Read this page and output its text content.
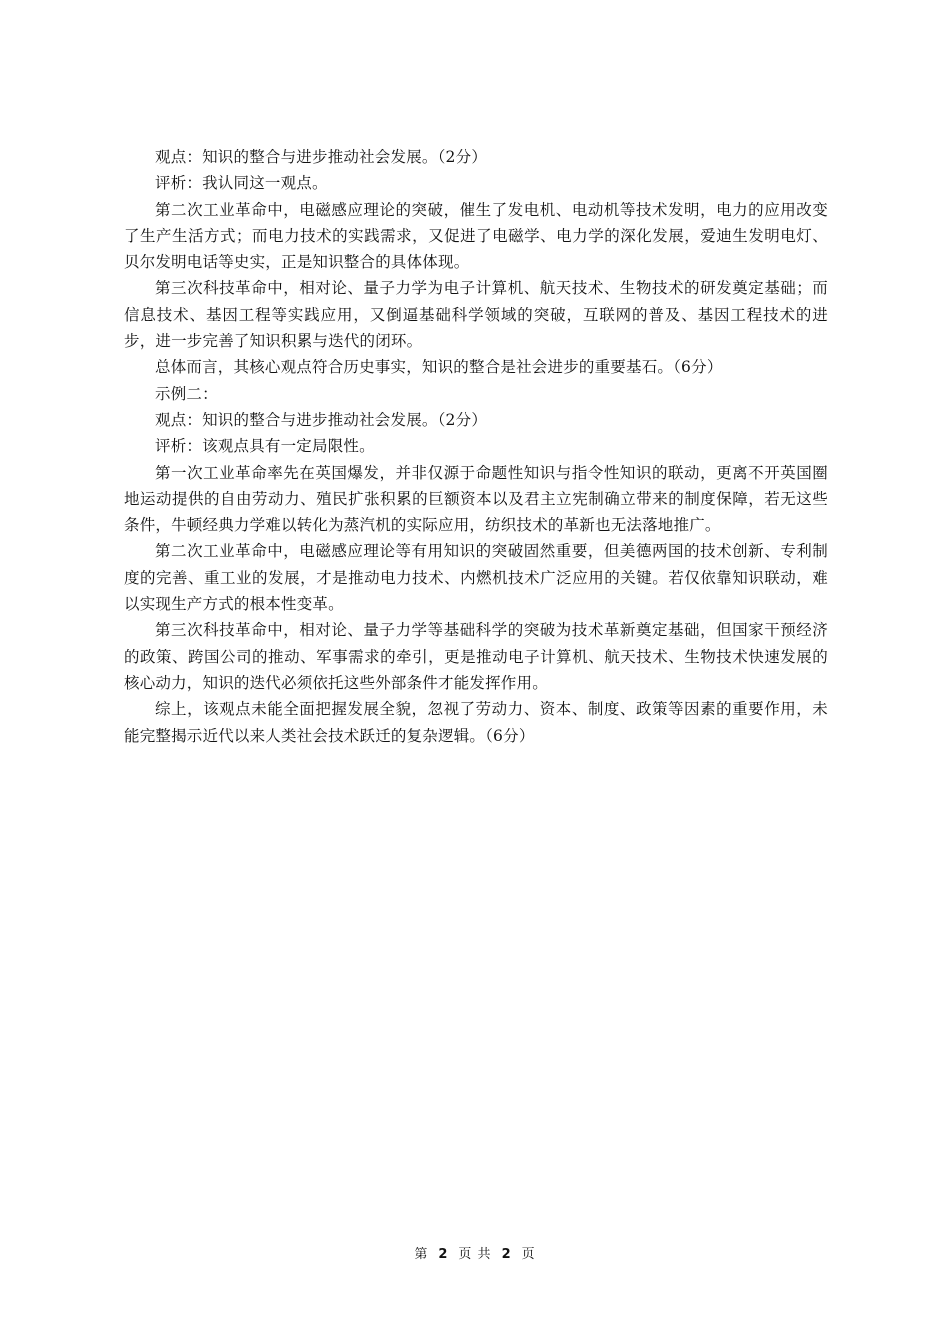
观点：知识的整合与进步推动社会发展。（2分）

评析：我认同这一观点。

第二次工业革命中，电磁感应理论的突破，催生了发电机、电动机等技术发明，电力的应用改变了生产生活方式；而电力技术的实践需求，又促进了电磁学、电力学的深化发展，爱迪生发明电灯、贝尔发明电话等史实，正是知识整合的具体体现。

第三次科技革命中，相对论、量子力学为电子计算机、航天技术、生物技术的研发奠定基础；而信息技术、基因工程等实践应用，又倒逼基础科学领域的突破，互联网的普及、基因工程技术的进步，进一步完善了知识积累与迭代的闭环。

总体而言，其核心观点符合历史事实，知识的整合是社会进步的重要基石。（6分）

示例二：

观点：知识的整合与进步推动社会发展。（2分）

评析：该观点具有一定局限性。

第一次工业革命率先在英国爆发，并非仅源于命题性知识与指令性知识的联动，更离不开英国圈地运动提供的自由劳动力、殖民扩张积累的巨额资本以及君主立宪制确立带来的制度保障，若无这些条件，牛顿经典力学难以转化为蒸汽机的实际应用，纺织技术的革新也无法落地推广。

第二次工业革命中，电磁感应理论等有用知识的突破固然重要，但美德两国的技术创新、专利制度的完善、重工业的发展，才是推动电力技术、内燃机技术广泛应用的关键。若仅依靠知识联动，难以实现生产方式的根本性变革。

第三次科技革命中，相对论、量子力学等基础科学的突破为技术革新奠定基础，但国家干预经济的政策、跨国公司的推动、军事需求的牵引，更是推动电子计算机、航天技术、生物技术快速发展的核心动力，知识的迭代必须依托这些外部条件才能发挥作用。

综上，该观点未能全面把握发展全貌，忽视了劳动力、资本、制度、政策等因素的重要作用，未能完整揭示近代以来人类社会技术跃迁的复杂逻辑。（6分）

第 2 页 共 2 页
